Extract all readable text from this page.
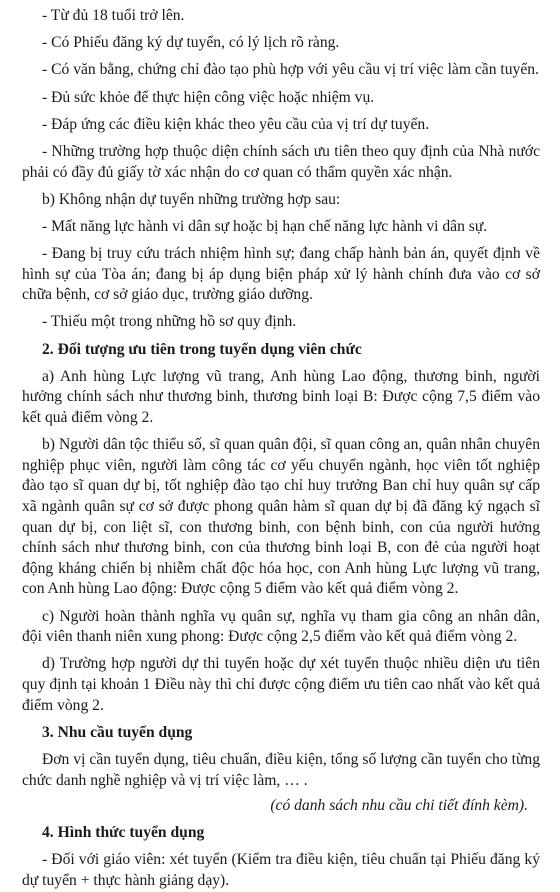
- Từ đủ 18 tuổi trở lên.

- Có Phiếu đăng ký dự tuyển, có lý lịch rõ ràng.

- Có văn bằng, chứng chỉ đào tạo phù hợp với yêu cầu vị trí việc làm cần tuyển.

- Đủ sức khỏe để thực hiện công việc hoặc nhiệm vụ.

- Đáp ứng các điều kiện khác theo yêu cầu của vị trí dự tuyển.

- Những trường hợp thuộc diện chính sách ưu tiên theo quy định của Nhà nước phải có đầy đủ giấy tờ xác nhận do cơ quan có thẩm quyền xác nhận.

b) Không nhận dự tuyển những trường hợp sau:

- Mất năng lực hành vi dân sự hoặc bị hạn chế năng lực hành vi dân sự.

- Đang bị truy cứu trách nhiệm hình sự; đang chấp hành bản án, quyết định về hình sự của Tòa án; đang bị áp dụng biện pháp xử lý hành chính đưa vào cơ sở chữa bệnh, cơ sở giáo dục, trường giáo dưỡng.

- Thiếu một trong những hồ sơ quy định.

2. Đối tượng ưu tiên trong tuyển dụng viên chức

a) Anh hùng Lực lượng vũ trang, Anh hùng Lao động, thương binh, người hưởng chính sách như thương binh, thương binh loại B: Được cộng 7,5 điểm vào kết quả điểm vòng 2.

b) Người dân tộc thiểu số, sĩ quan quân đội, sĩ quan công an, quân nhân chuyên nghiệp phục viên, người làm công tác cơ yếu chuyển ngành, học viên tốt nghiệp đào tạo sĩ quan dự bị, tốt nghiệp đào tạo chỉ huy trưởng Ban chỉ huy quân sự cấp xã ngành quân sự cơ sở được phong quân hàm sĩ quan dự bị đã đăng ký ngạch sĩ quan dự bị, con liệt sĩ, con thương binh, con bệnh binh, con của người hưởng chính sách như thương binh, con của thương binh loại B, con đẻ của người hoạt động kháng chiến bị nhiễm chất độc hóa học, con Anh hùng Lực lượng vũ trang, con Anh hùng Lao động: Được cộng 5 điểm vào kết quả điểm vòng 2.

c) Người hoàn thành nghĩa vụ quân sự, nghĩa vụ tham gia công an nhân dân, đội viên thanh niên xung phong: Được cộng 2,5 điểm vào kết quả điểm vòng 2.

d) Trường hợp người dự thi tuyển hoặc dự xét tuyển thuộc nhiều diện ưu tiên quy định tại khoản 1 Điều này thì chỉ được cộng điểm ưu tiên cao nhất vào kết quả điểm vòng 2.

3. Nhu cầu tuyển dụng

Đơn vị cần tuyển dụng, tiêu chuẩn, điều kiện, tổng số lượng cần tuyển cho từng chức danh nghề nghiệp và vị trí việc làm, … .

(có danh sách nhu cầu chi tiết đính kèm).

4. Hình thức tuyển dụng

- Đối với giáo viên: xét tuyển (Kiểm tra điều kiện, tiêu chuẩn tại Phiếu đăng ký dự tuyển + thực hành giảng dạy).
